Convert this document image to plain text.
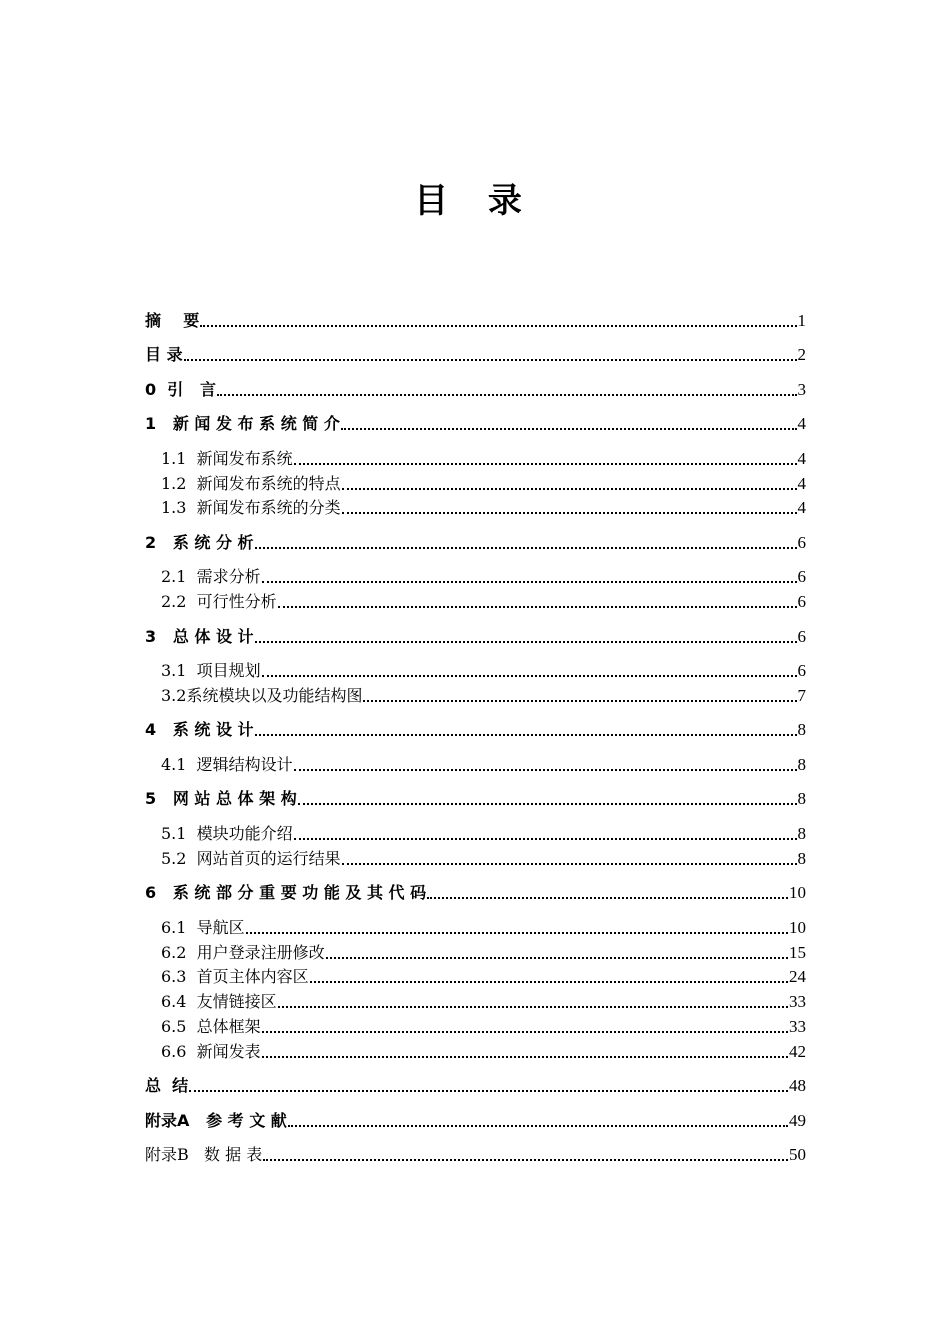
目 录
摘    要	1
目 录	2
0  引   言	3
1   新 闻 发 布 系 统 简 介	4
1.1  新闻发布系统	4
1.2  新闻发布系统的特点	4
1.3  新闻发布系统的分类	4
2   系 统 分 析	6
2.1  需求分析	6
2.2  可行性分析	6
3   总 体 设 计	6
3.1  项目规划	6
3.2系统模块以及功能结构图	7
4   系 统 设 计	8
4.1  逻辑结构设计	8
5   网 站 总 体 架 构	8
5.1  模块功能介绍	8
5.2  网站首页的运行结果	8
6   系 统 部 分 重 要 功 能 及 其 代 码	10
6.1  导航区	10
6.2  用户登录注册修改	15
6.3  首页主体内容区	24
6.4  友情链接区	33
6.5  总体框架	33
6.6  新闻发表	42
总  结	48
附录A   参 考 文 献	49
附录B   数 据 表	50
